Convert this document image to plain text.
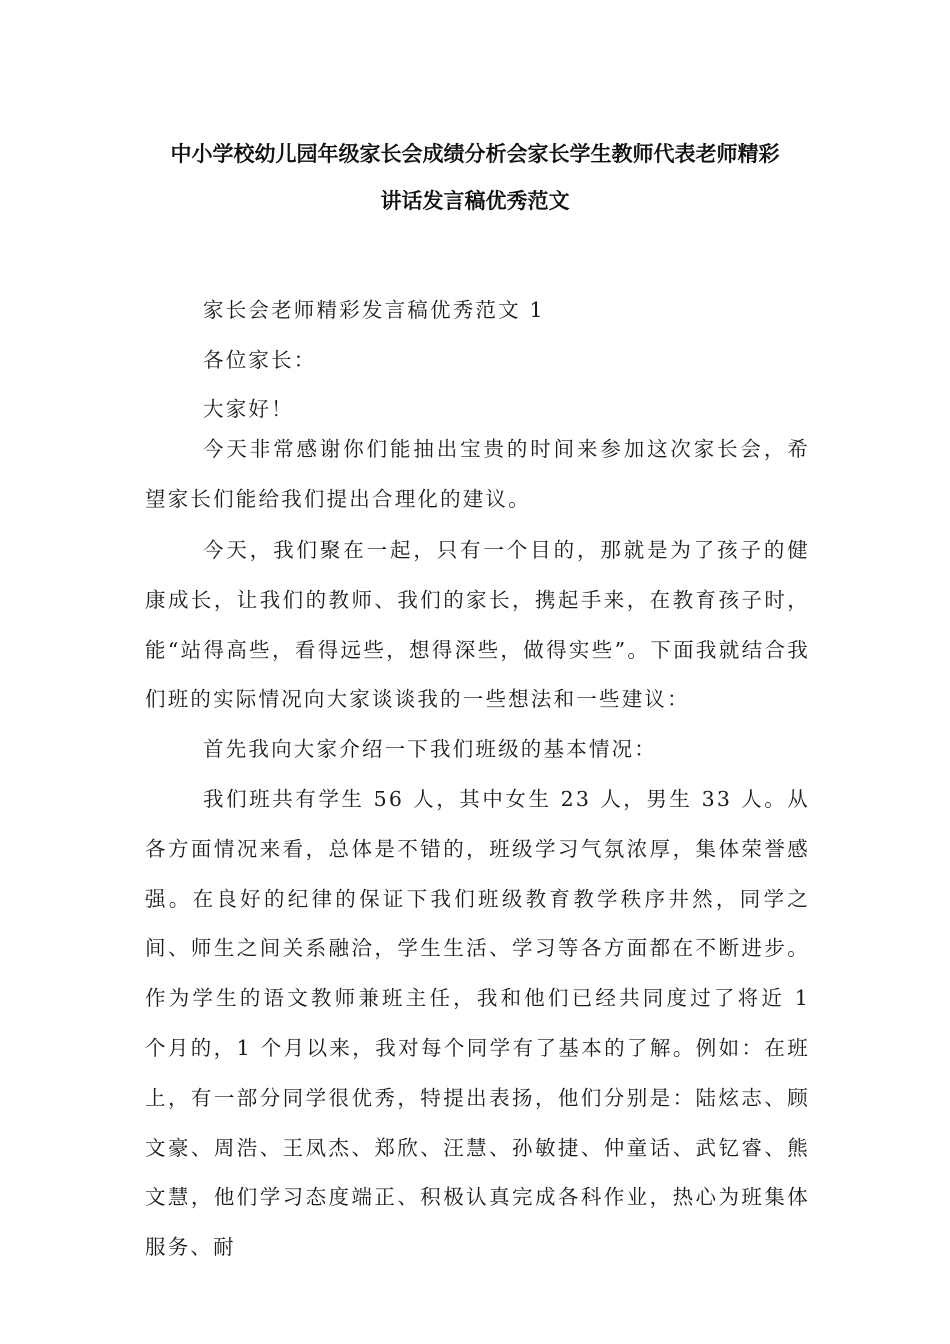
中小学校幼儿园年级家长会成绩分析会家长学生教师代表老师精彩
讲话发言稿优秀范文

家长会老师精彩发言稿优秀范文 1

各位家长：

大家好！

今天非常感谢你们能抽出宝贵的时间来参加这次家长会，希望家长们能给我们提出合理化的建议。

今天，我们聚在一起，只有一个目的，那就是为了孩子的健康成长，让我们的教师、我们的家长，携起手来，在教育孩子时，能“站得高些，看得远些，想得深些，做得实些”。下面我就结合我们班的实际情况向大家谈谈我的一些想法和一些建议：

首先我向大家介绍一下我们班级的基本情况：

我们班共有学生 56 人，其中女生 23 人，男生 33 人。从各方面情况来看，总体是不错的，班级学习气氛浓厚，集体荣誉感强。在良好的纪律的保证下我们班级教育教学秩序井然，同学之间、师生之间关系融洽，学生生活、学习等各方面都在不断进步。作为学生的语文教师兼班主任，我和他们已经共同度过了将近 1 个月的，1 个月以来，我对每个同学有了基本的了解。例如：在班上，有一部分同学很优秀，特提出表扬，他们分别是：陆炫志、顾文豪、周浩、王凤杰、郑欣、汪慧、孙敏捷、仲童话、武钇睿、熊文慧，他们学习态度端正、积极认真完成各科作业，热心为班集体服务、耐
